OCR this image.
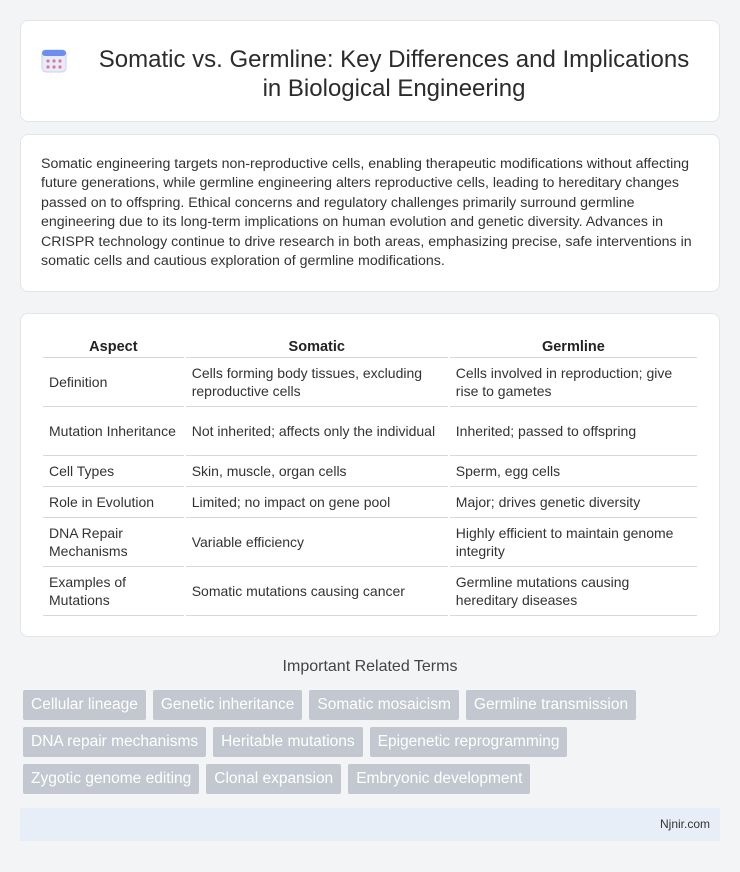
Somatic vs. Germline: Key Differences and Implications in Biological Engineering

Somatic engineering targets non-reproductive cells, enabling therapeutic modifications without affecting future generations, while germline engineering alters reproductive cells, leading to hereditary changes passed on to offspring. Ethical concerns and regulatory challenges primarily surround germline engineering due to its long-term implications on human evolution and genetic diversity. Advances in CRISPR technology continue to drive research in both areas, emphasizing precise, safe interventions in somatic cells and cautious exploration of germline modifications.

Aspect	Somatic	Germline
Definition	Cells forming body tissues, excluding reproductive cells	Cells involved in reproduction; give rise to gametes
Mutation Inheritance	Not inherited; affects only the individual	Inherited; passed to offspring
Cell Types	Skin, muscle, organ cells	Sperm, egg cells
Role in Evolution	Limited; no impact on gene pool	Major; drives genetic diversity
DNA Repair Mechanisms	Variable efficiency	Highly efficient to maintain genome integrity
Examples of Mutations	Somatic mutations causing cancer	Germline mutations causing hereditary diseases
Important Related Terms
Cellular lineage	Genetic inheritance	Somatic mosaicism	Germline transmission
DNA repair mechanisms	Heritable mutations	Epigenetic reprogramming
Zygotic genome editing	Clonal expansion	Embryonic development
Njnir.com
